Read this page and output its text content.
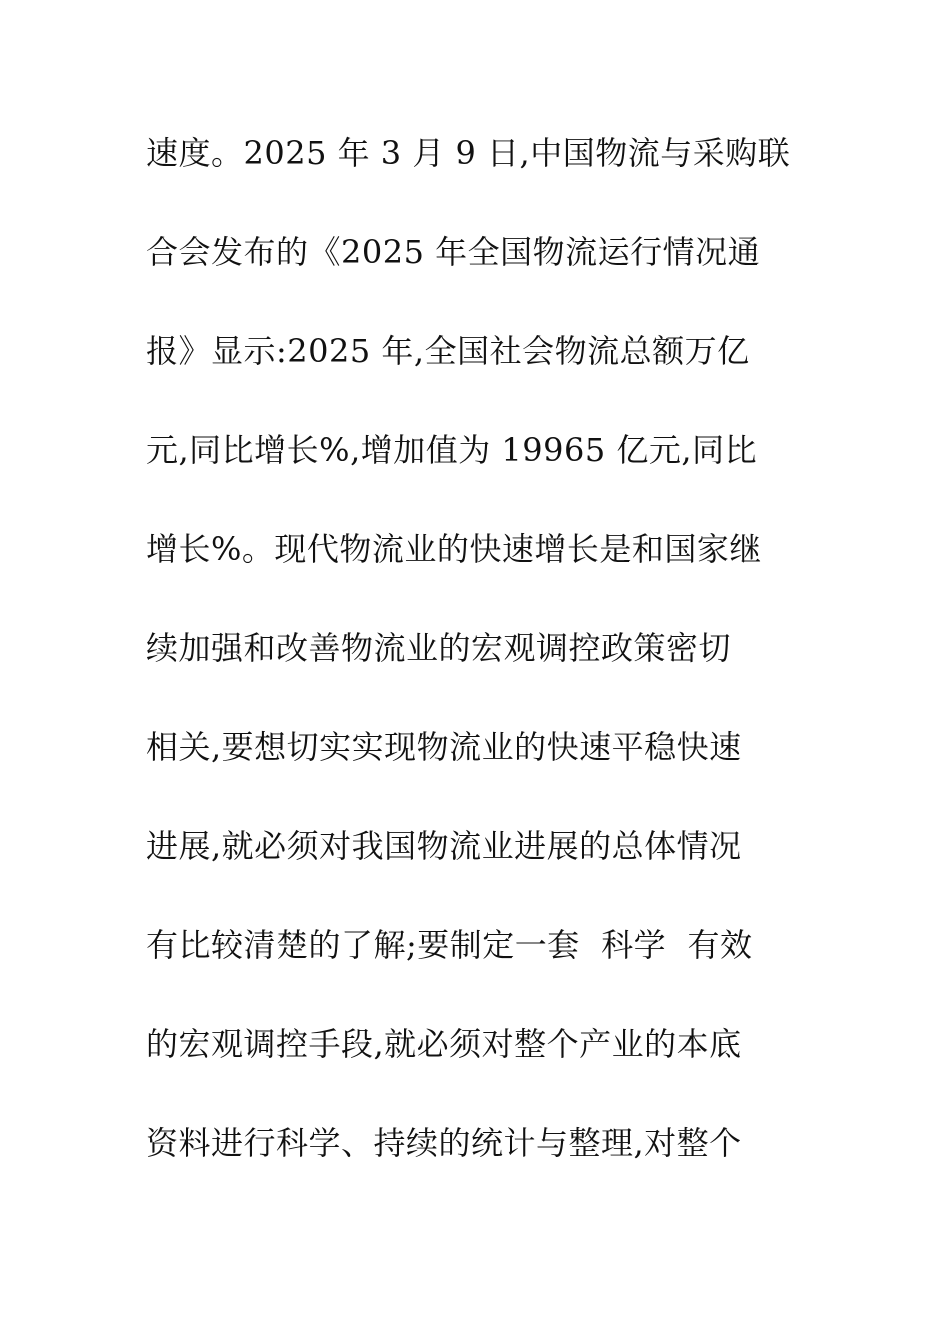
速度。2025 年 3 月 9 日,中国物流与采购联
合会发布的《2025 年全国物流运行情况通
报》显示:2025 年,全国社会物流总额万亿
元,同比增长%,增加值为 19965 亿元,同比
增长%。现代物流业的快速增长是和国家继
续加强和改善物流业的宏观调控政策密切
相关,要想切实实现物流业的快速平稳快速
进展,就必须对我国物流业进展的总体情况
有比较清楚的了解;要制定一套  科学  有效
的宏观调控手段,就必须对整个产业的本底
资料进行科学、持续的统计与整理,对整个
